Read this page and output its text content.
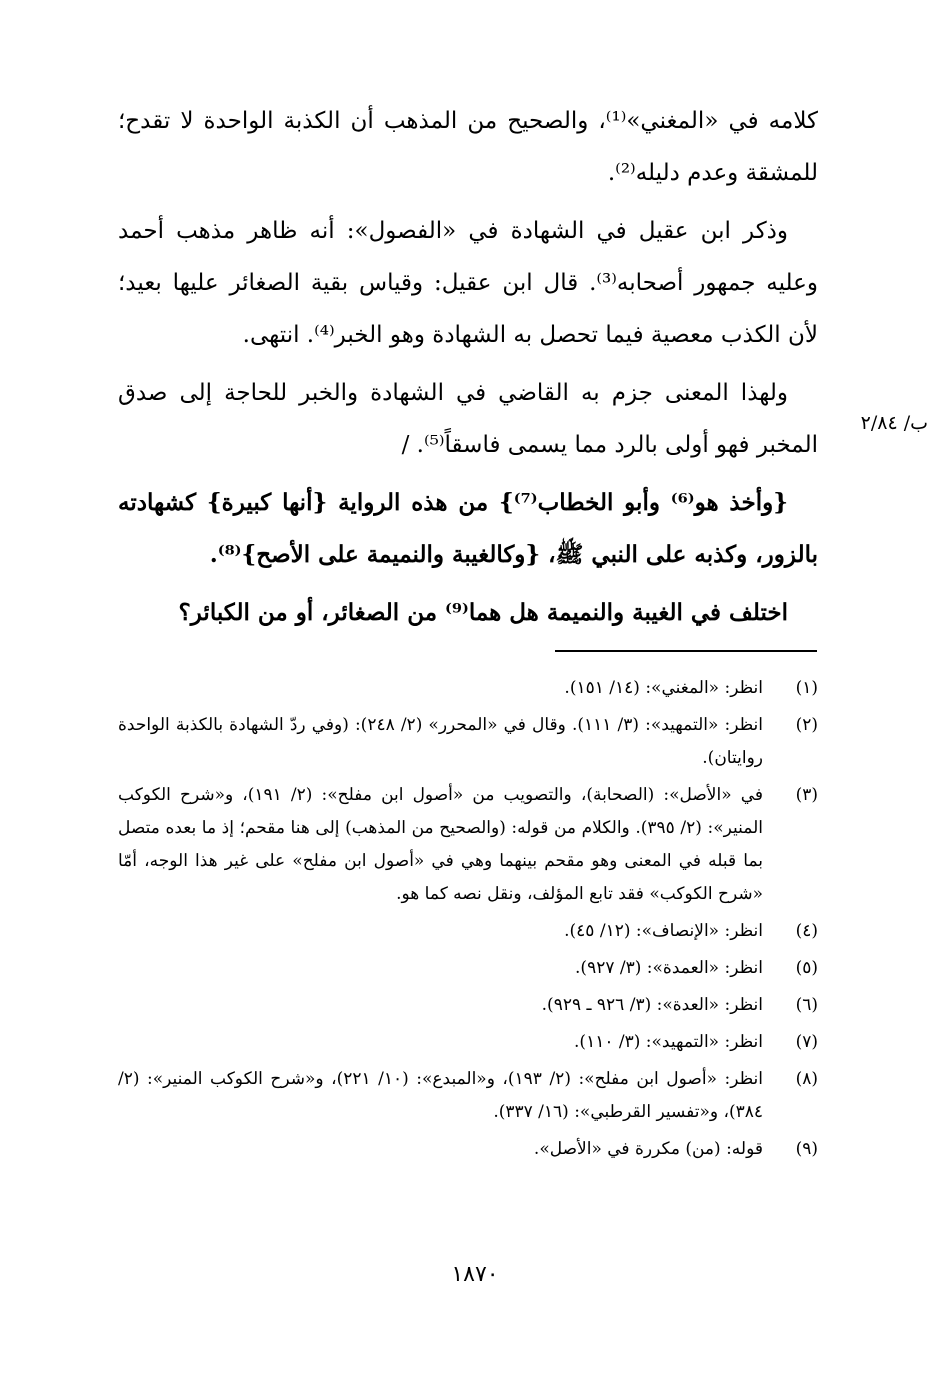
كلامه في «المغني»⁽¹⁾، والصحيح من المذهب أن الكذبة الواحدة لا تقدح؛ للمشقة وعدم دليله⁽²⁾.

وذكر ابن عقيل في الشهادة في «الفصول»: أنه ظاهر مذهب أحمد وعليه جمهور أصحابه⁽³⁾. قال ابن عقيل: وقياس بقية الصغائر عليها بعيد؛ لأن الكذب معصية فيما تحصل به الشهادة وهو الخبر⁽⁴⁾. انتهى.

ولهذا المعنى جزم به القاضي في الشهادة والخبر للحاجة إلى صدق المخبر فهو أولى بالرد مما يسمى فاسقاً⁽⁵⁾. /

{وأخذ هو⁽⁶⁾ وأبو الخطاب⁽⁷⁾} من هذه الرواية {أنها كبيرة} كشهادته بالزور، وكذبه على النبي ﷺ، {وكالغيبة والنميمة على الأصح}⁽⁸⁾.

اختلف في الغيبة والنميمة هل هما⁽⁹⁾ من الصغائر، أو من الكبائر؟

ب/ ٢/٨٤
(١)
انظر: «المغني»: (١٤/ ١٥١).
(٢)
انظر: «التمهيد»: (٣/ ١١١). وقال في «المحرر» (٢/ ٢٤٨): (وفي ردّ الشهادة بالكذبة الواحدة روايتان).
(٣)
في «الأصل»: (الصحابة)، والتصويب من «أصول ابن مفلح»: (٢/ ١٩١)، و«شرح الكوكب المنير»: (٢/ ٣٩٥). والكلام من قوله: (والصحيح من المذهب) إلى هنا مقحم؛ إذ ما بعده متصل بما قبله في المعنى وهو مقحم بينهما وهي في «أصول ابن مفلح» على غير هذا الوجه، أمّا «شرح الكوكب» فقد تابع المؤلف، ونقل نصه كما هو.
(٤)
انظر: «الإنصاف»: (١٢/ ٤٥).
(٥)
انظر: «العمدة»: (٣/ ٩٢٧).
(٦)
انظر: «العدة»: (٣/ ٩٢٦ ـ ٩٢٩).
(٧)
انظر: «التمهيد»: (٣/ ١١٠).
(٨)
انظر: «أصول ابن مفلح»: (٢/ ١٩٣)، و«المبدع»: (١٠/ ٢٢١)، و«شرح الكوكب المنير»: (٢/ ٣٨٤)، و«تفسير القرطبي»: (١٦/ ٣٣٧).
(٩)
قوله: (من) مكررة في «الأصل».
١٨٧٠
